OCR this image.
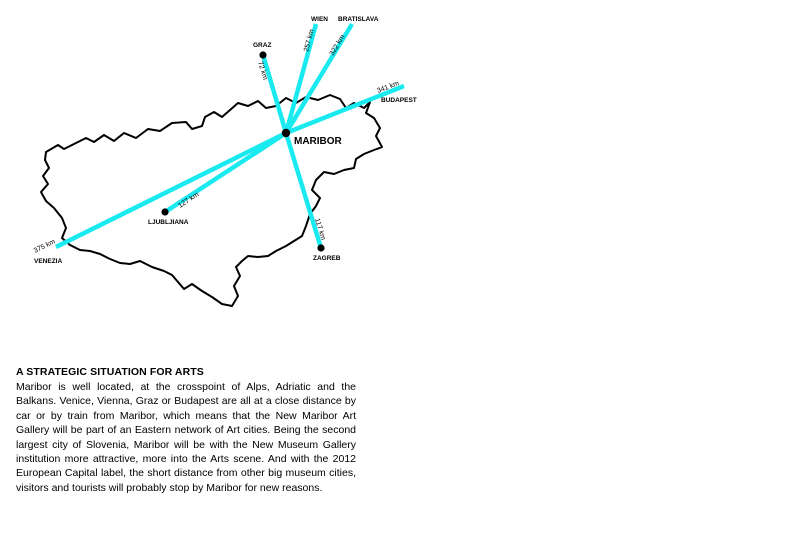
MARIBOR
WIEN BRATISLAVA
GRAZ
BUDAPEST
LJUBLJIANA
VENEZIA	ZAGREB
257 km 322 km
72 km
341 km
127 km
375 km
117 km
A STRATEGIC SITUATION FOR ARTS

Maribor is well located, at the crosspoint of Alps, Adriatic and the Balkans. Venice, Vienna, Graz or Budapest are all at a close distance by car or by train from Maribor, which means that the New Maribor Art Gallery will be part of an Eastern network of Art cities. Being the second largest city of Slovenia, Maribor will be with the New Museum Gallery institution more attractive, more into the Arts scene. And with the 2012 European Capital label, the short distance from other big museum cities, visitors and tourists will probably stop by Maribor for new reasons.
